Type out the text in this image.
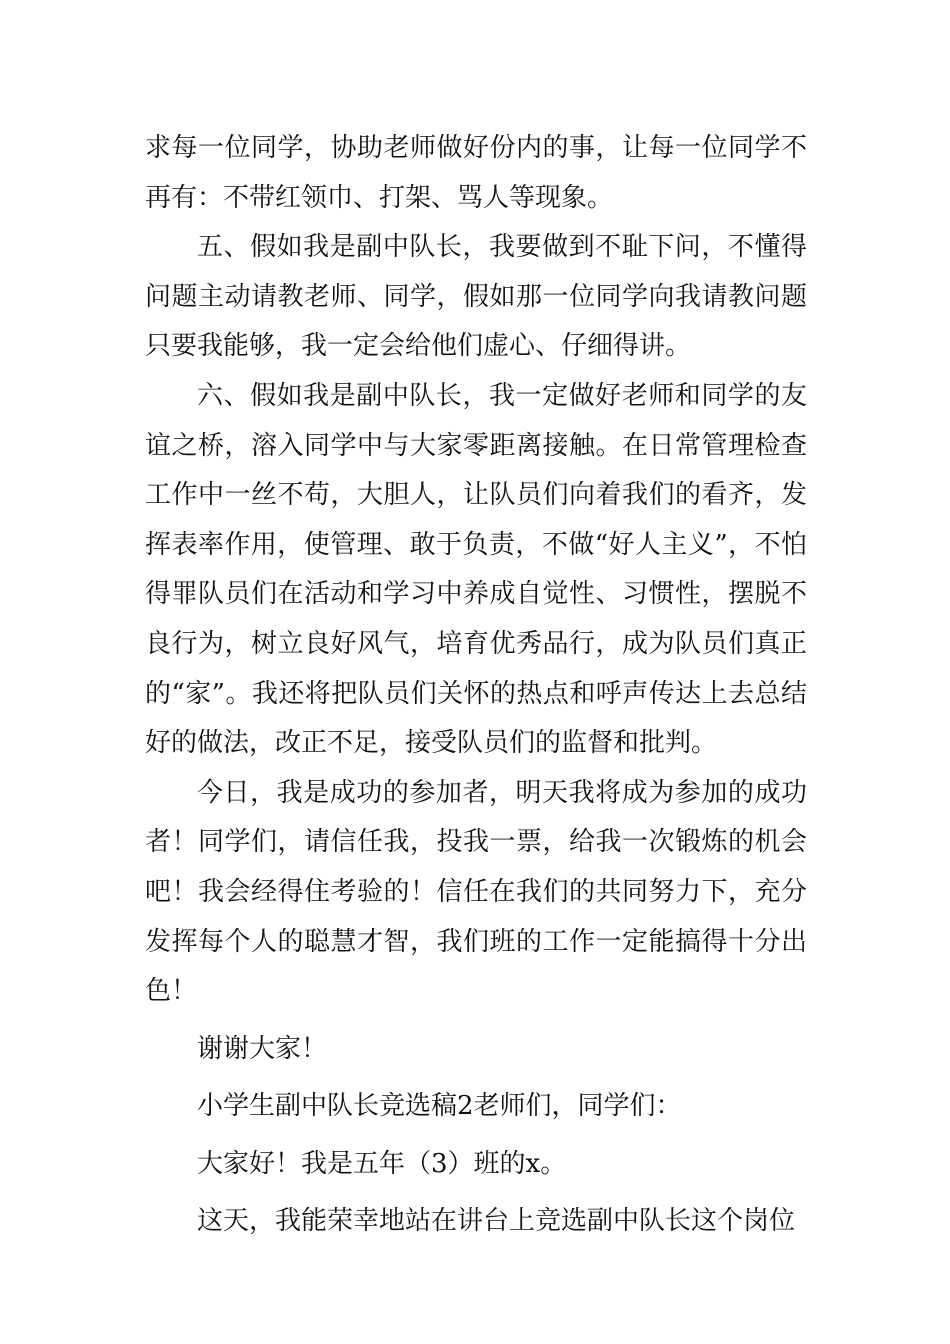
求每一位同学，协助老师做好份内的事，让每一位同学不再有：不带红领巾、打架、骂人等现象。

五、假如我是副中队长，我要做到不耻下问，不懂得问题主动请教老师、同学，假如那一位同学向我请教问题只要我能够，我一定会给他们虚心、仔细得讲。

六、假如我是副中队长，我一定做好老师和同学的友谊之桥，溶入同学中与大家零距离接触。在日常管理检查工作中一丝不苟，大胆人，让队员们向着我们的看齐，发挥表率作用，使管理、敢于负责，不做“好人主义”，不怕得罪队员们在活动和学习中养成自觉性、习惯性，摆脱不良行为，树立良好风气，培育优秀品行，成为队员们真正的“家”。我还将把队员们关怀的热点和呼声传达上去总结好的做法，改正不足，接受队员们的监督和批判。

今日，我是成功的参加者，明天我将成为参加的成功者！同学们，请信任我，投我一票，给我一次锻炼的机会吧！我会经得住考验的！信任在我们的共同努力下，充分发挥每个人的聪慧才智，我们班的工作一定能搞得十分出色！

谢谢大家！

小学生副中队长竞选稿2老师们，同学们：

大家好！我是五年（3）班的x。

这天，我能荣幸地站在讲台上竞选副中队长这个岗位
